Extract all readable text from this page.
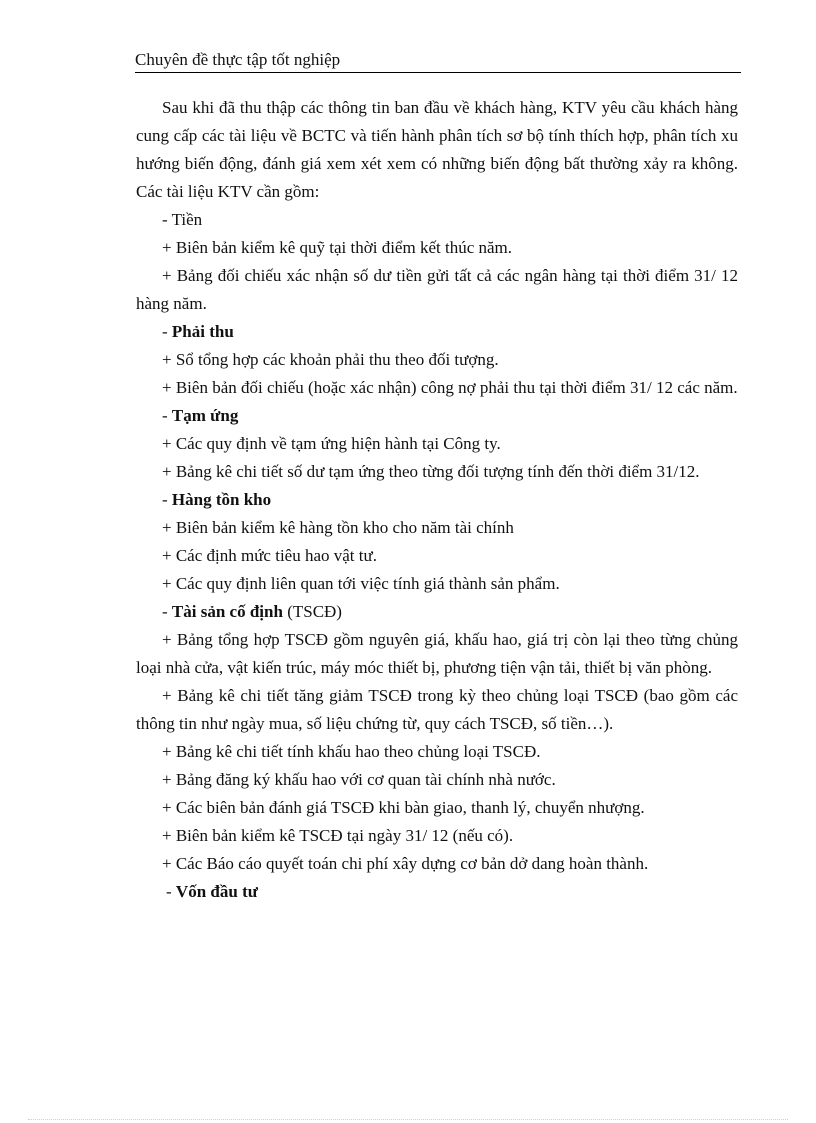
Chuyên đề thực tập tốt nghiệp

Sau khi đã thu thập các thông tin ban đầu về khách hàng, KTV yêu cầu khách hàng cung cấp các tài liệu về BCTC và tiến hành phân tích sơ bộ tính thích hợp, phân tích xu hướng biến động, đánh giá xem xét xem có những biến động bất thường xảy ra không. Các tài liệu KTV cần gồm:

- Tiền

+ Biên bản kiểm kê quỹ tại thời điểm kết thúc năm.

+ Bảng đối chiếu xác nhận số dư tiền gửi tất cả các ngân hàng tại thời điểm 31/ 12 hàng năm.

- Phải thu

+ Sổ tổng hợp các khoản phải thu theo đối tượng.

+ Biên bản đối chiếu (hoặc xác nhận) công nợ phải thu tại thời điểm 31/ 12 các năm.

- Tạm ứng

+ Các quy định về tạm ứng hiện hành tại Công ty.

+ Bảng kê chi tiết số dư tạm ứng theo từng đối tượng tính đến thời điểm 31/12.

- Hàng tồn kho

+ Biên bản kiểm kê hàng tồn kho cho năm tài chính

+ Các định mức tiêu hao vật tư.

+ Các quy định liên quan tới việc tính giá thành sản phẩm.

- Tài sản cố định (TSCĐ)

+ Bảng tổng hợp TSCĐ gồm nguyên giá, khấu hao, giá trị còn lại theo từng chủng loại nhà cửa, vật kiến trúc, máy móc thiết bị, phương tiện vận tải, thiết bị văn phòng.

+ Bảng kê chi tiết tăng giảm TSCĐ trong kỳ theo chủng loại TSCĐ (bao gồm các thông tin như ngày mua, số liệu chứng từ, quy cách TSCĐ, số tiền…).

+ Bảng kê chi tiết tính khấu hao theo chủng loại TSCĐ.

+ Bảng đăng ký khấu hao với cơ quan tài chính nhà nước.

+ Các biên bản đánh giá TSCĐ khi bàn giao, thanh lý, chuyển nhượng.

+ Biên bản kiểm kê TSCĐ tại ngày 31/ 12 (nếu có).

+ Các Báo cáo quyết toán chi phí xây dựng cơ bản dở dang hoàn thành.

- Vốn đầu tư
